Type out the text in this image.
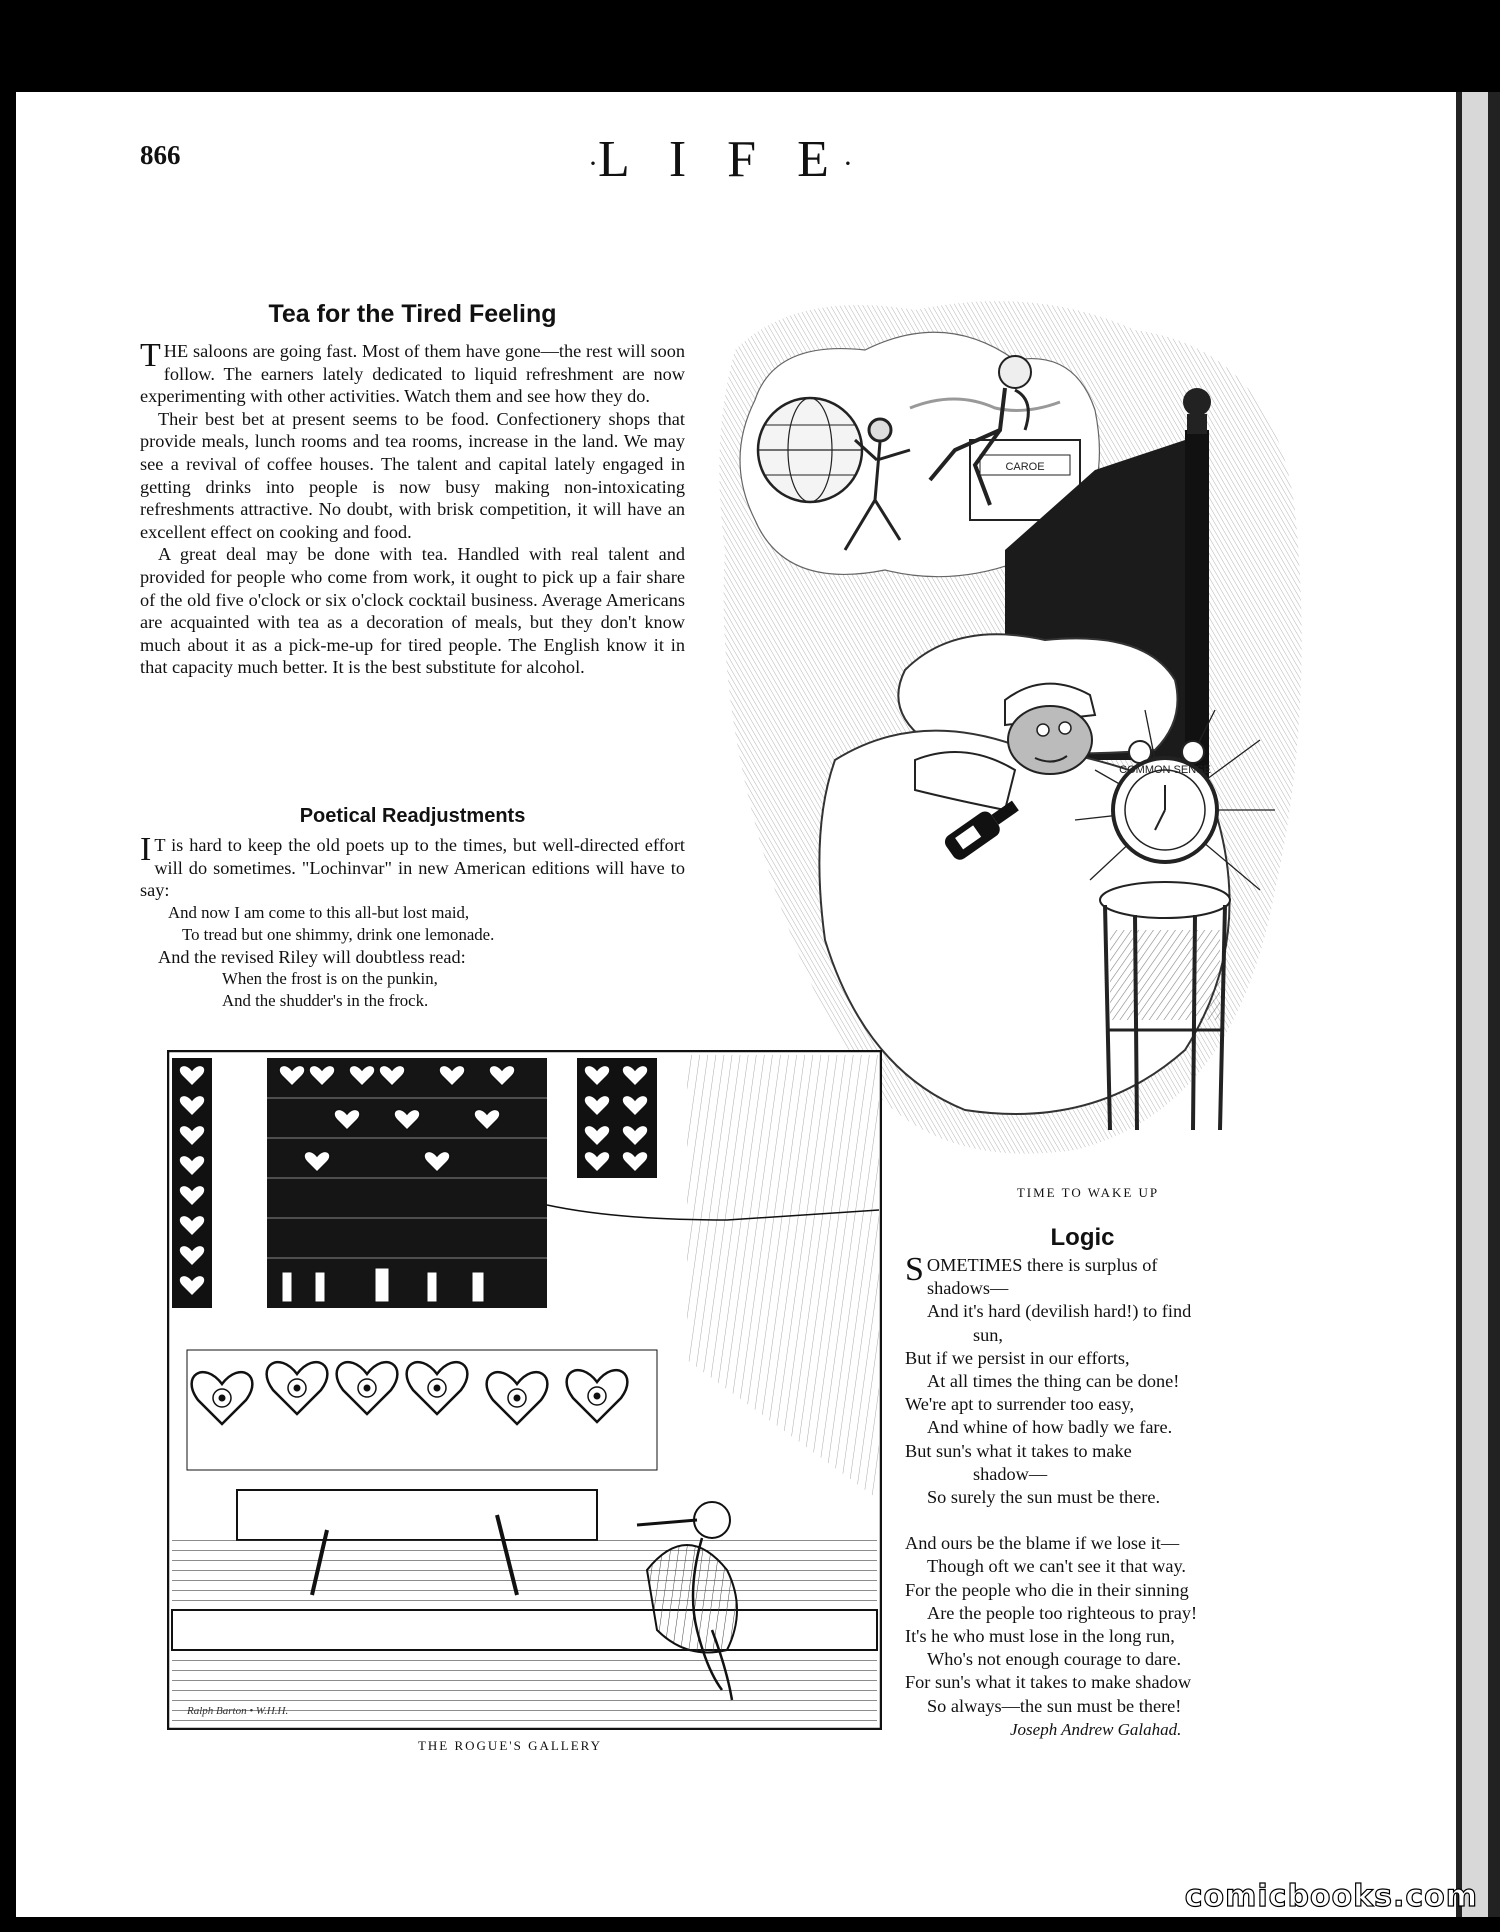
866	·L I F E·
Tea for the Tired Feeling

THE saloons are going fast. Most of them have gone—the rest will soon follow. The earners lately dedicated to liquid refreshment are now experimenting with other activities. Watch them and see how they do.

Their best bet at present seems to be food. Confectionery shops that provide meals, lunch rooms and tea rooms, increase in the land. We may see a revival of coffee houses. The talent and capital lately engaged in getting drinks into people is now busy making non-intoxicating refreshments attractive. No doubt, with brisk competition, it will have an excellent effect on cooking and food.

A great deal may be done with tea. Handled with real talent and provided for people who come from work, it ought to pick up a fair share of the old five o'clock or six o'clock cocktail business. Average Americans are acquainted with tea as a decoration of meals, but they don't know much about it as a pick-me-up for tired people. The English know it in that capacity much better. It is the best substitute for alcohol.

Poetical Readjustments

I T is hard to keep the old poets up to the times, but well-directed effort will do sometimes. "Lochinvar" in new American editions will have to say:

And now I am come to this all-but lost maid,

To tread but one shimmy, drink one lemonade.

And the revised Riley will doubtless read:

When the frost is on the punkin,

And the shudder's in the frock.

CAROE
COMMON SENSE
TIME TO WAKE UP
Ralph Barton • W.H.H.
THE ROGUE'S GALLERY
Logic

SOMETIMES there is surplus of

shadows—

And it's hard (devilish hard!) to find

sun,

But if we persist in our efforts,

At all times the thing can be done!

We're apt to surrender too easy,

And whine of how badly we fare.

But sun's what it takes to make

shadow—

So surely the sun must be there.

And ours be the blame if we lose it—

Though oft we can't see it that way.

For the people who die in their sinning

Are the people too righteous to pray!

It's he who must lose in the long run,

Who's not enough courage to dare.

For sun's what it takes to make shadow

So always—the sun must be there!

Joseph Andrew Galahad.
comicbooks.com
